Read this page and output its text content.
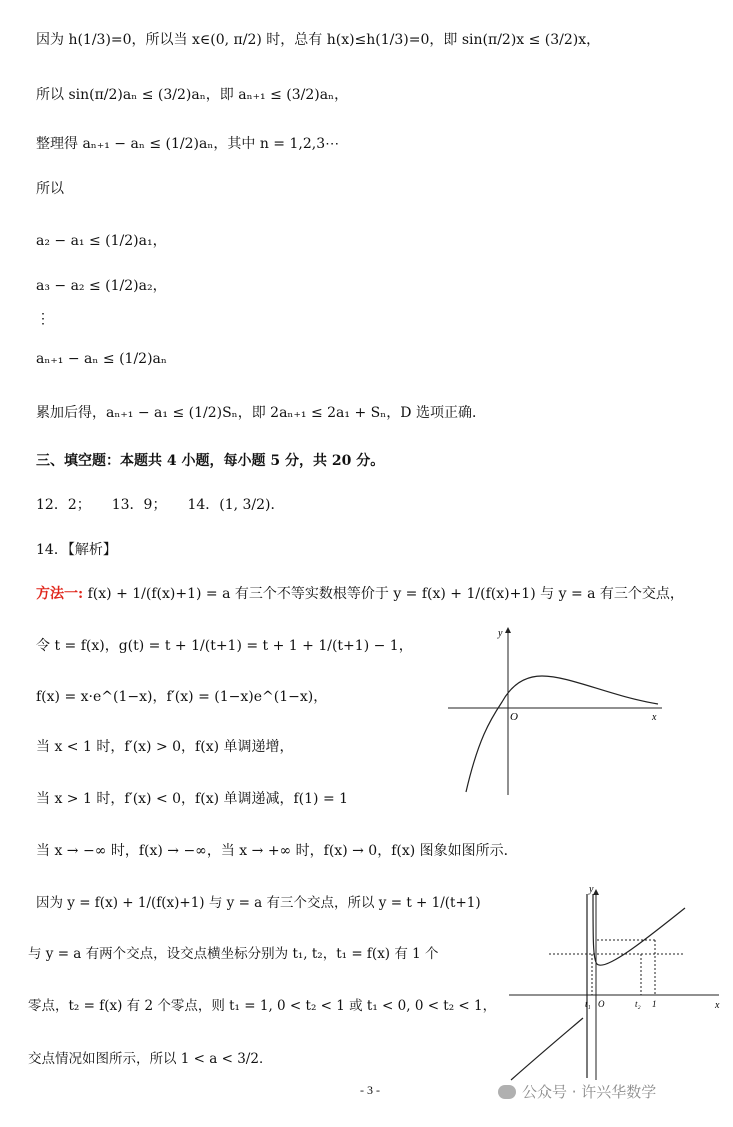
因为 h(1/3)=0，所以当 x∈(0, π/2) 时，总有 h(x)≤h(1/3)=0，即 sin(π/2)x ≤ (3/2)x，
所以 sin(π/2)aₙ ≤ (3/2)aₙ，即 aₙ₊₁ ≤ (3/2)aₙ，
整理得 aₙ₊₁ − aₙ ≤ (1/2)aₙ，其中 n = 1,2,3⋯
所以
a₂ − a₁ ≤ (1/2)a₁，
a₃ − a₂ ≤ (1/2)a₂，
⋮
aₙ₊₁ − aₙ ≤ (1/2)aₙ
累加后得，aₙ₊₁ − a₁ ≤ (1/2)Sₙ，即 2aₙ₊₁ ≤ 2a₁ + Sₙ，D 选项正确．
三、填空题：本题共 4 小题，每小题 5 分，共 20 分。
12．2；　　13．9；　　14．(1, 3/2)．
14．【解析】
方法一: f(x) + 1/(f(x)+1) = a 有三个不等实数根等价于 y = f(x) + 1/(f(x)+1) 与 y = a 有三个交点，
令 t = f(x)，g(t) = t + 1/(t+1) = t + 1 + 1/(t+1) − 1，
f(x) = x·e^(1−x)，f′(x) = (1−x)e^(1−x)，
当 x < 1 时，f′(x) > 0，f(x) 单调递增，
当 x > 1 时，f′(x) < 0，f(x) 单调递减，f(1) = 1
当 x → −∞ 时，f(x) → −∞，当 x → +∞ 时，f(x) → 0，f(x) 图象如图所示．
因为 y = f(x) + 1/(f(x)+1) 与 y = a 有三个交点，所以 y = t + 1/(t+1)
与 y = a 有两个交点，设交点横坐标分别为 t₁, t₂，t₁ = f(x) 有 1 个
零点，t₂ = f(x) 有 2 个零点，则 t₁ = 1, 0 < t₂ < 1 或 t₁ < 0, 0 < t₂ < 1，
交点情况如图所示，所以 1 < a < 3/2．
y
x
O
y
x
t₁ O	t₂ 1
- 3 -	公众号 · 许兴华数学
